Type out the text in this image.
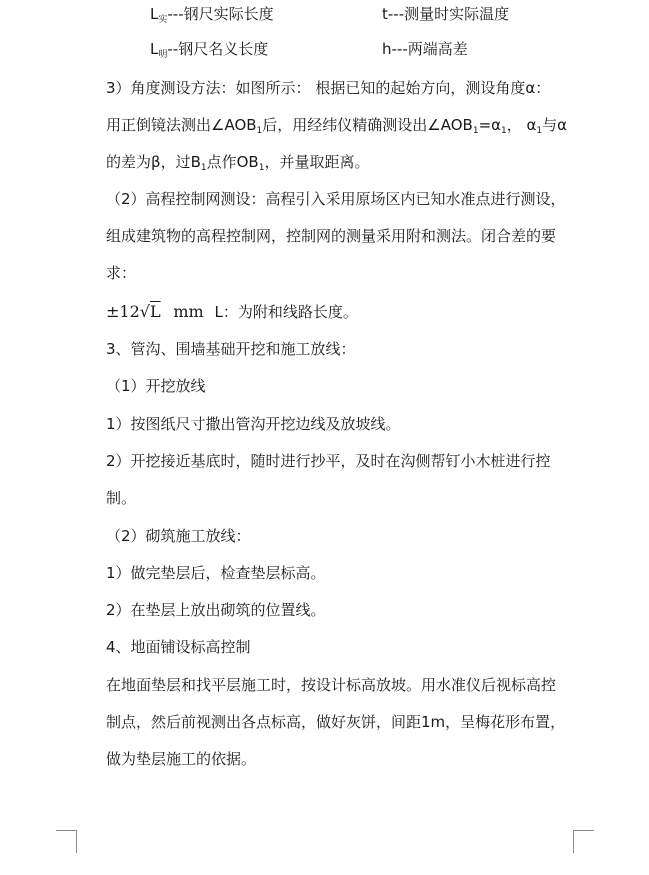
$L_实---$钢尺实际长度	t---测量时实际温度
$L_明--$钢尺名义长度	h---两端高差
3）角度测设方法：如图所示： 根据已知的起始方向，测设角度α：
用正倒镜法测出$\angle AOB_1$后，用经纬仪精确测设出$\angle AOB_1=\alpha_1$， $\alpha_1$与α
的差为β，过$B_1$点作$OB_1$，并量取距离。
（2）高程控制网测设：高程引入采用原场区内已知水准点进行测设，
组成建筑物的高程控制网，控制网的测量采用附和测法。闭合差的要
求：
±12√L mm L：为附和线路长度。
3、管沟、围墙基础开挖和施工放线：
（1）开挖放线
1）按图纸尺寸撒出管沟开挖边线及放坡线。
2）开挖接近基底时，随时进行抄平，及时在沟侧帮钉小木桩进行控
制。
（2）砌筑施工放线：
1）做完垫层后，检查垫层标高。
2）在垫层上放出砌筑的位置线。
4、地面铺设标高控制
在地面垫层和找平层施工时，按设计标高放坡。用水准仪后视标高控
制点，然后前视测出各点标高，做好灰饼，间距1m，呈梅花形布置，
做为垫层施工的依据。
